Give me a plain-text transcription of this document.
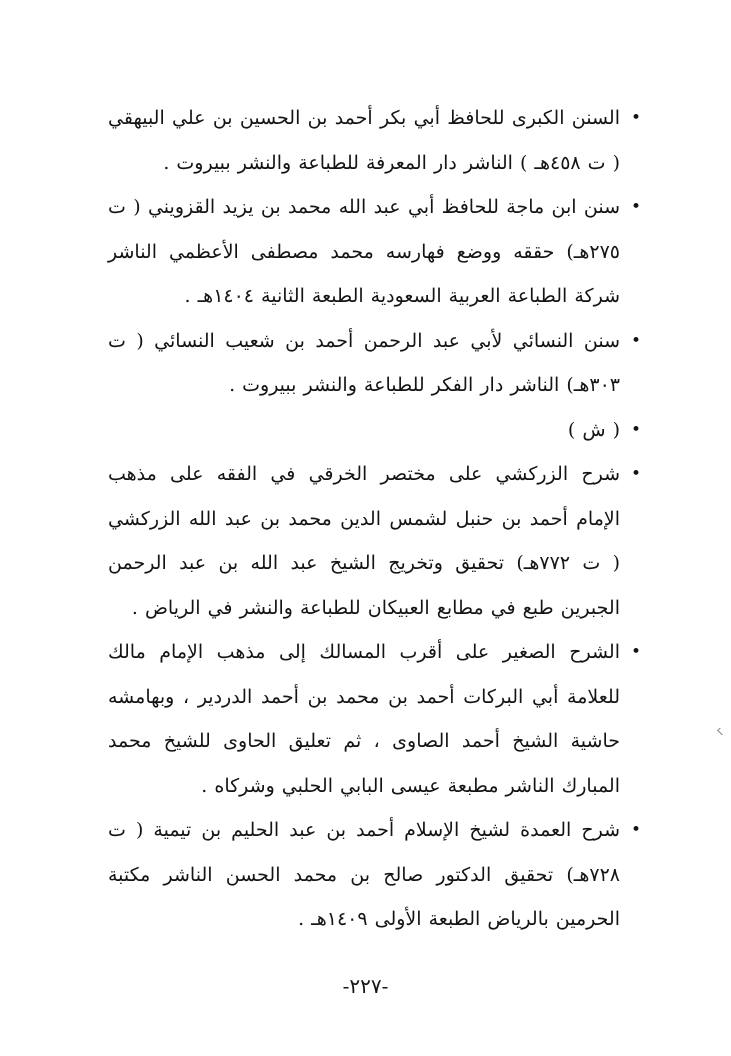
•
السنن الكبرى للحافظ أبي بكر أحمد بن الحسين بن علي البيهقي ( ت ٤٥٨هـ ) الناشر دار المعرفة للطباعة والنشر ببيروت .
•
سنن ابن ماجة للحافظ أبي عبد الله محمد بن يزيد القزويني ( ت ٢٧٥هـ) حققه ووضع فهارسه محمد مصطفى الأعظمي الناشر شركة الطباعة العربية السعودية الطبعة الثانية ١٤٠٤هـ .
•
سنن النسائي لأبي عبد الرحمن أحمد بن شعيب النسائي ( ت ٣٠٣هـ) الناشر دار الفكر للطباعة والنشر ببيروت .
•
( ش )
•
شرح الزركشي على مختصر الخرقي في الفقه على مذهب الإمام أحمد بن حنبل لشمس الدين محمد بن عبد الله الزركشي ( ت ٧٧٢هـ) تحقيق وتخريج الشيخ عبد الله بن عبد الرحمن الجبرين طبع في مطابع العبيكان للطباعة والنشر في الرياض .
•
الشرح الصغير على أقرب المسالك إلى مذهب الإمام مالك للعلامة أبي البركات أحمد بن محمد بن أحمد الدردير ، وبهامشه حاشية الشيخ أحمد الصاوى ، ثم تعليق الحاوى للشيخ محمد المبارك الناشر مطبعة عيسى البابي الحلبي وشركاه .
•
شرح العمدة لشيخ الإسلام أحمد بن عبد الحليم بن تيمية ( ت ٧٢٨هـ) تحقيق الدكتور صالح بن محمد الحسن الناشر مكتبة الحرمين بالرياض الطبعة الأولى ١٤٠٩هـ .
-٢٢٧-
